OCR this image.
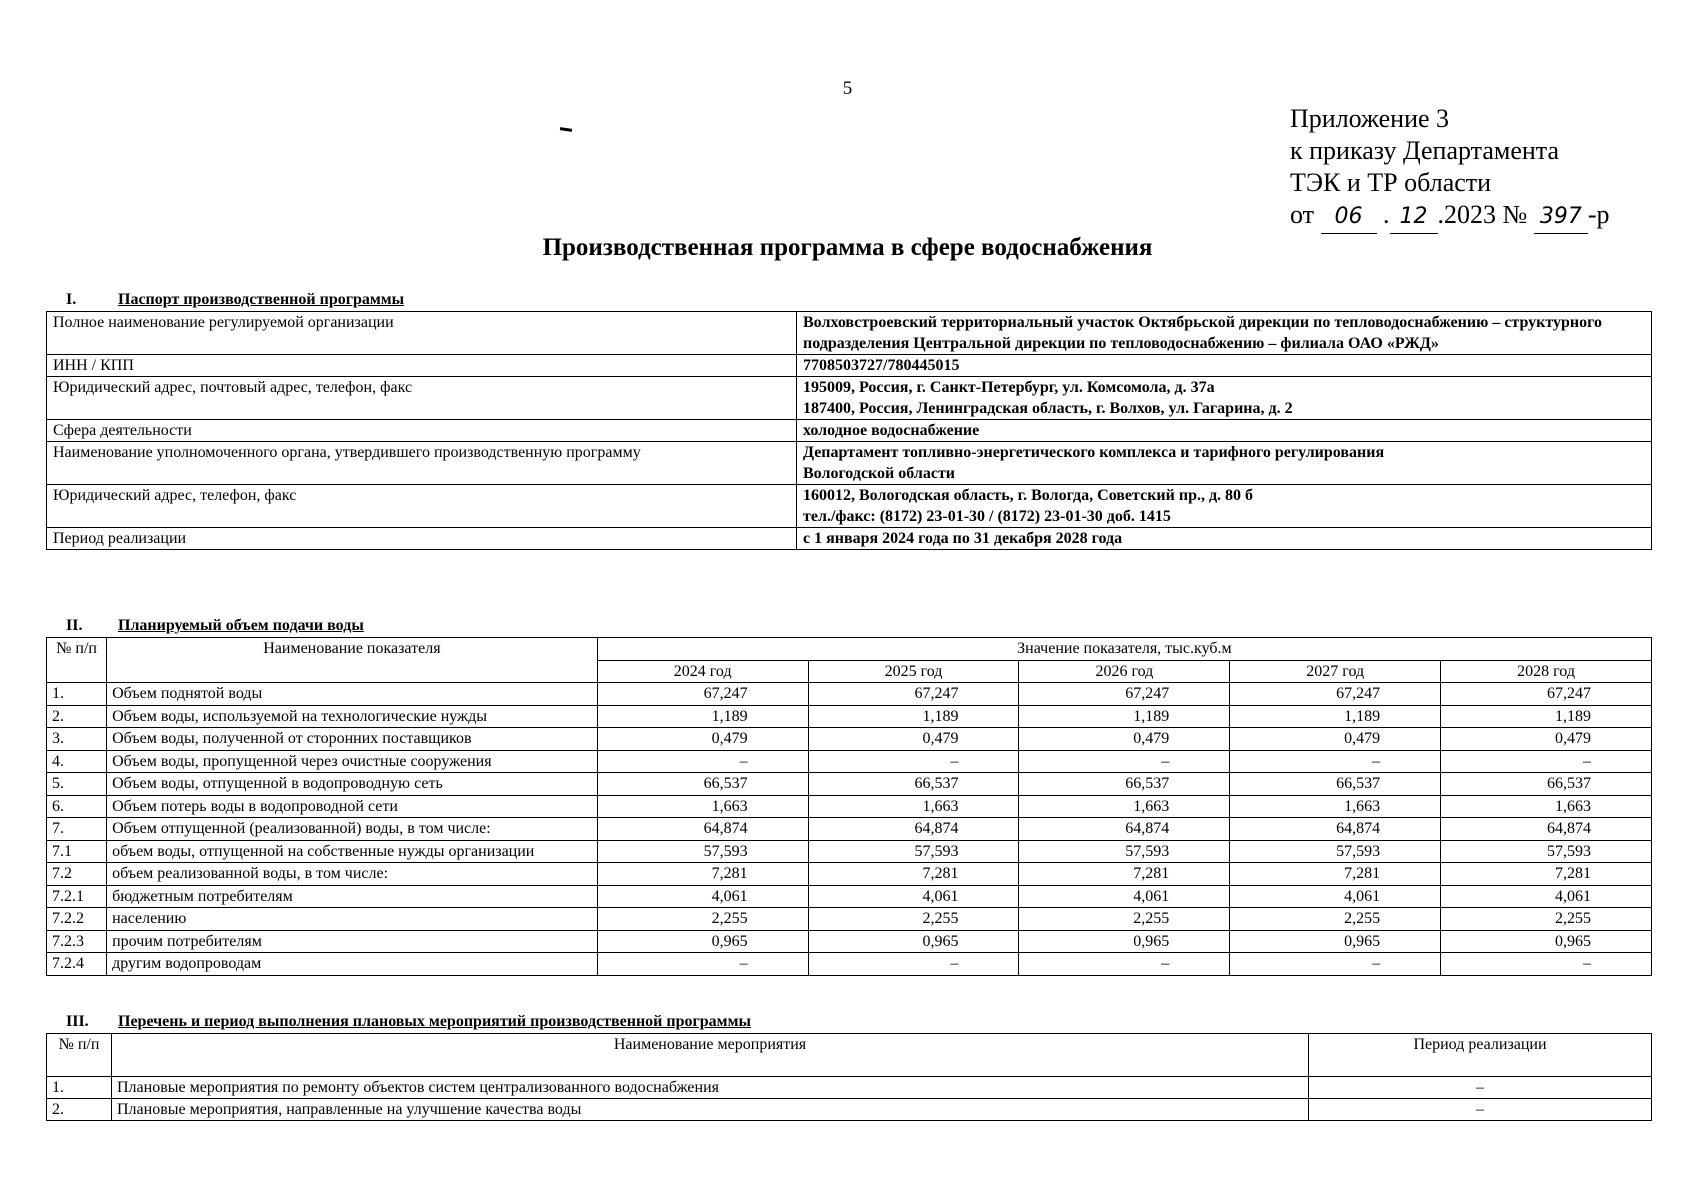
5
Приложение 3
к приказу Департамента
ТЭК и ТР области
от 06 . 12 .2023 № 397 -р
Производственная программа в сфере водоснабжения
I.	Паспорт производственной программы
Полное наименование регулируемой организации	Волховстроевский территориальный участок Октябрьской дирекции по тепловодоснабжению – структурного подразделения Центральной дирекции по тепловодоснабжению – филиала ОАО «РЖД»
ИНН / КПП	7708503727/780445015
Юридический адрес, почтовый адрес, телефон, факс	195009, Россия, г. Санкт-Петербург, ул. Комсомола, д. 37а
187400, Россия, Ленинградская область, г. Волхов, ул. Гагарина, д. 2

Сфера деятельности	холодное водоснабжение
Наименование уполномоченного органа, утвердившего производственную программу	Департамент топливно-энергетического комплекса и тарифного регулирования
Вологодской области

Юридический адрес, телефон, факс	160012, Вологодская область, г. Вологда, Советский пр., д. 80 б
тел./факс: (8172) 23-01-30 / (8172) 23-01-30 доб. 1415

Период реализации	с 1 января 2024 года по 31 декабря 2028 года
II. Планируемый объем подачи воды
№ п/п	Наименование показателя	Значение показателя, тыс.куб.м				
		2024 год	2025 год	2026 год	2027 год	2028 год
1.	Объем поднятой воды	67,247	67,247	67,247	67,247	67,247
2.	Объем воды, используемой на технологические нужды	1,189	1,189	1,189	1,189	1,189
3.	Объем воды, полученной от сторонних поставщиков	0,479	0,479	0,479	0,479	0,479
4.	Объем воды, пропущенной через очистные сооружения	–	–	–	–	–
5.	Объем воды, отпущенной в водопроводную сеть	66,537	66,537	66,537	66,537	66,537
6.	Объем потерь воды в водопроводной сети	1,663	1,663	1,663	1,663	1,663
7.	Объем отпущенной (реализованной) воды, в том числе:	64,874	64,874	64,874	64,874	64,874
7.1	объем воды, отпущенной на собственные нужды организации	57,593	57,593	57,593	57,593	57,593
7.2	объем реализованной воды, в том числе:	7,281	7,281	7,281	7,281	7,281
7.2.1	бюджетным потребителям	4,061	4,061	4,061	4,061	4,061
7.2.2	населению	2,255	2,255	2,255	2,255	2,255
7.2.3	прочим потребителям	0,965	0,965	0,965	0,965	0,965
7.2.4	другим водопроводам	–	–	–	–	–
III. Перечень и период выполнения плановых мероприятий производственной программы
№ п/п	Наименование мероприятия	Период реализации
1.	Плановые мероприятия по ремонту объектов систем централизованного водоснабжения	–
2.	Плановые мероприятия, направленные на улучшение качества воды	–
